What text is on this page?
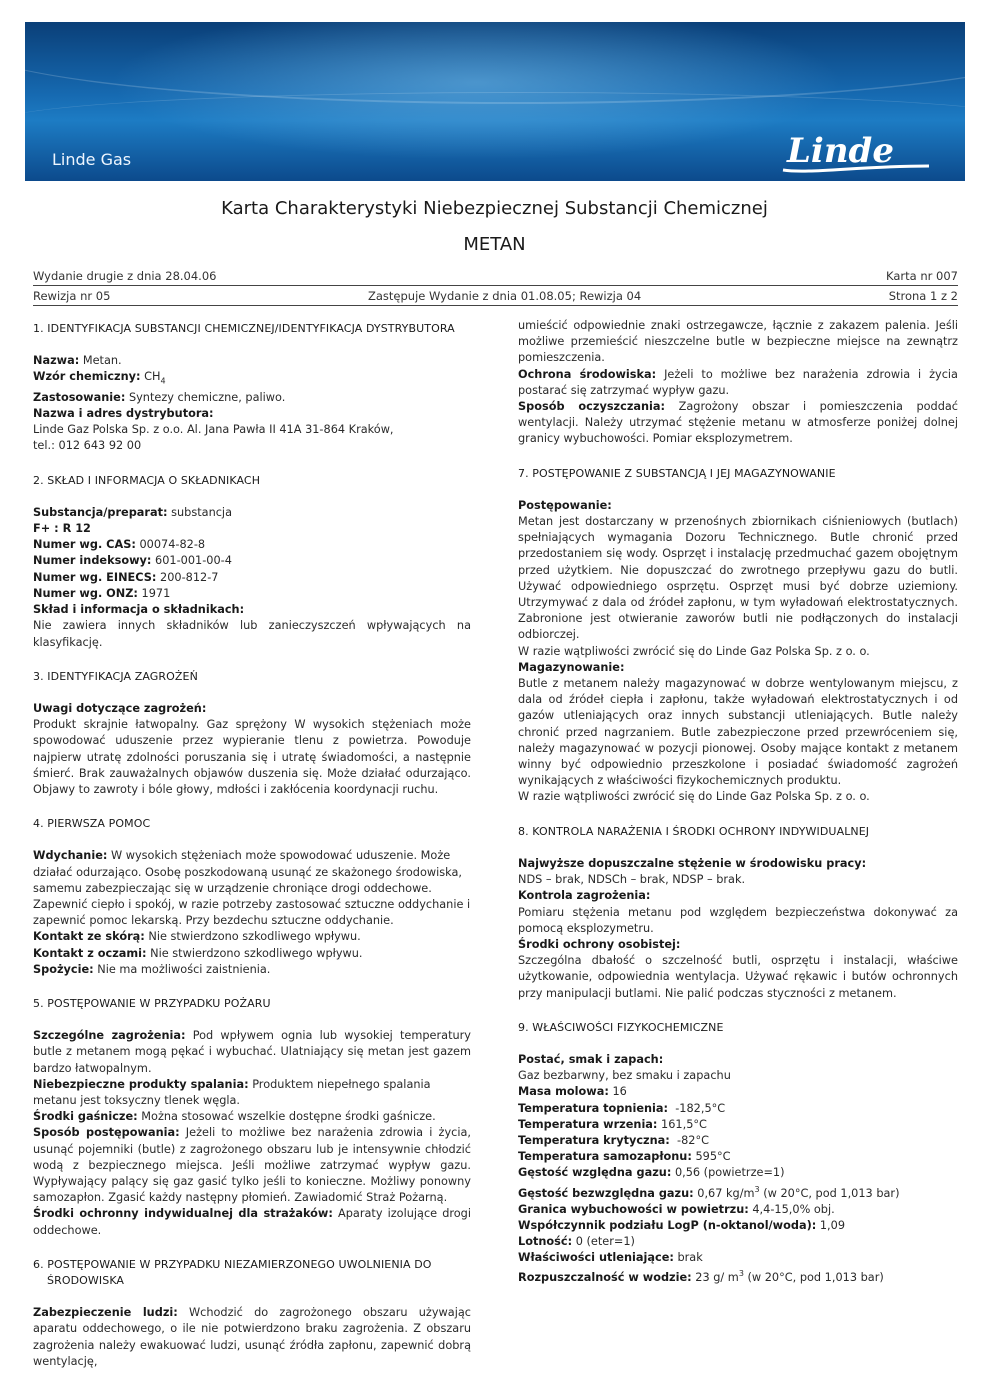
Linde Gas	Linde
Karta Charakterystyki Niebezpiecznej Substancji Chemicznej
METAN
Wydanie drugie z dnia 28.04.06	Karta nr 007
Rewizja nr 05	Zastępuje Wydanie z dnia 01.08.05; Rewizja 04	Strona 1 z 2
1. IDENTYFIKACJA SUBSTANCJI CHEMICZNEJ/IDENTYFIKACJA DYSTRYBUTORA
Nazwa: Metan.
Wzór chemiczny: $CH_4$
Zastosowanie: Syntezy chemiczne, paliwo.
Nazwa i adres dystrybutora:
Linde Gaz Polska Sp. z o.o. Al. Jana Pawła II 41A 31-864 Kraków,
tel.: 012 643 92 00
2. SKŁAD I INFORMACJA O SKŁADNIKACH
Substancja/preparat: substancja
F+ : R 12
Numer wg. CAS: 00074-82-8
Numer indeksowy: 601-001-00-4
Numer wg. EINECS: 200-812-7
Numer wg. ONZ: 1971
Skład i informacja o składnikach:
Nie zawiera innych składników lub zanieczyszczeń wpływających na klasyfikację.
3. IDENTYFIKACJA ZAGROŻEŃ
Uwagi dotyczące zagrożeń:
Produkt skrajnie łatwopalny. Gaz sprężony W wysokich stężeniach może spowodować uduszenie przez wypieranie tlenu z powietrza. Powoduje najpierw utratę zdolności poruszania się i utratę świadomości, a następnie śmierć. Brak zauważalnych objawów duszenia się. Może działać odurzająco. Objawy to zawroty i bóle głowy, mdłości i zakłócenia koordynacji ruchu.
4. PIERWSZA POMOC
Wdychanie: W wysokich stężeniach może spowodować uduszenie. Może działać odurzająco. Osobę poszkodowaną usunąć ze skażonego środowiska, samemu zabezpieczając się w urządzenie chroniące drogi oddechowe. Zapewnić ciepło i spokój, w razie potrzeby zastosować sztuczne oddychanie i zapewnić pomoc lekarską. Przy bezdechu sztuczne oddychanie.
Kontakt ze skórą: Nie stwierdzono szkodliwego wpływu.
Kontakt z oczami: Nie stwierdzono szkodliwego wpływu.
Spożycie: Nie ma możliwości zaistnienia.
5. POSTĘPOWANIE W PRZYPADKU POŻARU
Szczególne zagrożenia: Pod wpływem ognia lub wysokiej temperatury butle z metanem mogą pękać i wybuchać. Ulatniający się metan jest gazem bardzo łatwopalnym.
Niebezpieczne produkty spalania: Produktem niepełnego spalania metanu jest toksyczny tlenek węgla.
Środki gaśnicze: Można stosować wszelkie dostępne środki gaśnicze.
Sposób postępowania: Jeżeli to możliwe bez narażenia zdrowia i życia, usunąć pojemniki (butle) z zagrożonego obszaru lub je intensywnie chłodzić wodą z bezpiecznego miejsca. Jeśli możliwe zatrzymać wypływ gazu. Wypływający palący się gaz gasić tylko jeśli to konieczne. Możliwy ponowny samozapłon. Zgasić każdy następny płomień. Zawiadomić Straż Pożarną.
Środki ochronny indywidualnej dla strażaków: Aparaty izolujące drogi oddechowe.
6. POSTĘPOWANIE W PRZYPADKU NIEZAMIERZONEGO UWOLNIENIA DO
ŚRODOWISKA
Zabezpieczenie ludzi: Wchodzić do zagrożonego obszaru używając aparatu oddechowego, o ile nie potwierdzono braku zagrożenia. Z obszaru zagrożenia należy ewakuować ludzi, usunąć źródła zapłonu, zapewnić dobrą wentylację,
umieścić odpowiednie znaki ostrzegawcze, łącznie z zakazem palenia. Jeśli możliwe przemieścić nieszczelne butle w bezpieczne miejsce na zewnątrz pomieszczenia.
Ochrona środowiska: Jeżeli to możliwe bez narażenia zdrowia i życia postarać się zatrzymać wypływ gazu.
Sposób oczyszczania: Zagrożony obszar i pomieszczenia poddać wentylacji. Należy utrzymać stężenie metanu w atmosferze poniżej dolnej granicy wybuchowości. Pomiar eksplozymetrem.
7. POSTĘPOWANIE Z SUBSTANCJĄ I JEJ MAGAZYNOWANIE
Postępowanie:
Metan jest dostarczany w przenośnych zbiornikach ciśnieniowych (butlach) spełniających wymagania Dozoru Technicznego. Butle chronić przed przedostaniem się wody. Osprzęt i instalację przedmuchać gazem obojętnym przed użytkiem. Nie dopuszczać do zwrotnego przepływu gazu do butli. Używać odpowiedniego osprzętu. Osprzęt musi być dobrze uziemiony. Utrzymywać z dala od źródeł zapłonu, w tym wyładowań elektrostatycznych. Zabronione jest otwieranie zaworów butli nie podłączonych do instalacji odbiorczej.
W razie wątpliwości zwrócić się do Linde Gaz Polska Sp. z o. o.
Magazynowanie:
Butle z metanem należy magazynować w dobrze wentylowanym miejscu, z dala od źródeł ciepła i zapłonu, także wyładowań elektrostatycznych i od gazów utleniających oraz innych substancji utleniających. Butle należy chronić przed nagrzaniem. Butle zabezpieczone przed przewróceniem się, należy magazynować w pozycji pionowej. Osoby mające kontakt z metanem winny być odpowiednio przeszkolone i posiadać świadomość zagrożeń wynikających z właściwości fizykochemicznych produktu.
W razie wątpliwości zwrócić się do Linde Gaz Polska Sp. z o. o.
8. KONTROLA NARAŻENIA I ŚRODKI OCHRONY INDYWIDUALNEJ
Najwyższe dopuszczalne stężenie w środowisku pracy:
NDS – brak, NDSCh – brak, NDSP – brak.
Kontrola zagrożenia:
Pomiaru stężenia metanu pod względem bezpieczeństwa dokonywać za pomocą eksplozymetru.
Środki ochrony osobistej:
Szczególna dbałość o szczelność butli, osprzętu i instalacji, właściwe użytkowanie, odpowiednia wentylacja. Używać rękawic i butów ochronnych przy manipulacji butlami. Nie palić podczas styczności z metanem.
9. WŁAŚCIWOŚCI FIZYKOCHEMICZNE
Postać, smak i zapach:
Gaz bezbarwny, bez smaku i zapachu
Masa molowa: 16
Temperatura topnienia:  -182,5°C
Temperatura wrzenia: 161,5°C
Temperatura krytyczna:  -82°C
Temperatura samozapłonu: 595°C
Gęstość względna gazu: 0,56 (powietrze=1)
Gęstość bezwzględna gazu: 0,67 $kg/m^3$ (w 20°C, pod 1,013 bar)
Granica wybuchowości w powietrzu: 4,4-15,0% obj.
Współczynnik podziału LogP (n-oktanol/woda): 1,09
Lotność: 0 (eter=1)
Właściwości utleniające: brak
Rozpuszczalność w wodzie: 23 g/ $m^3$ (w 20°C, pod 1,013 bar)
